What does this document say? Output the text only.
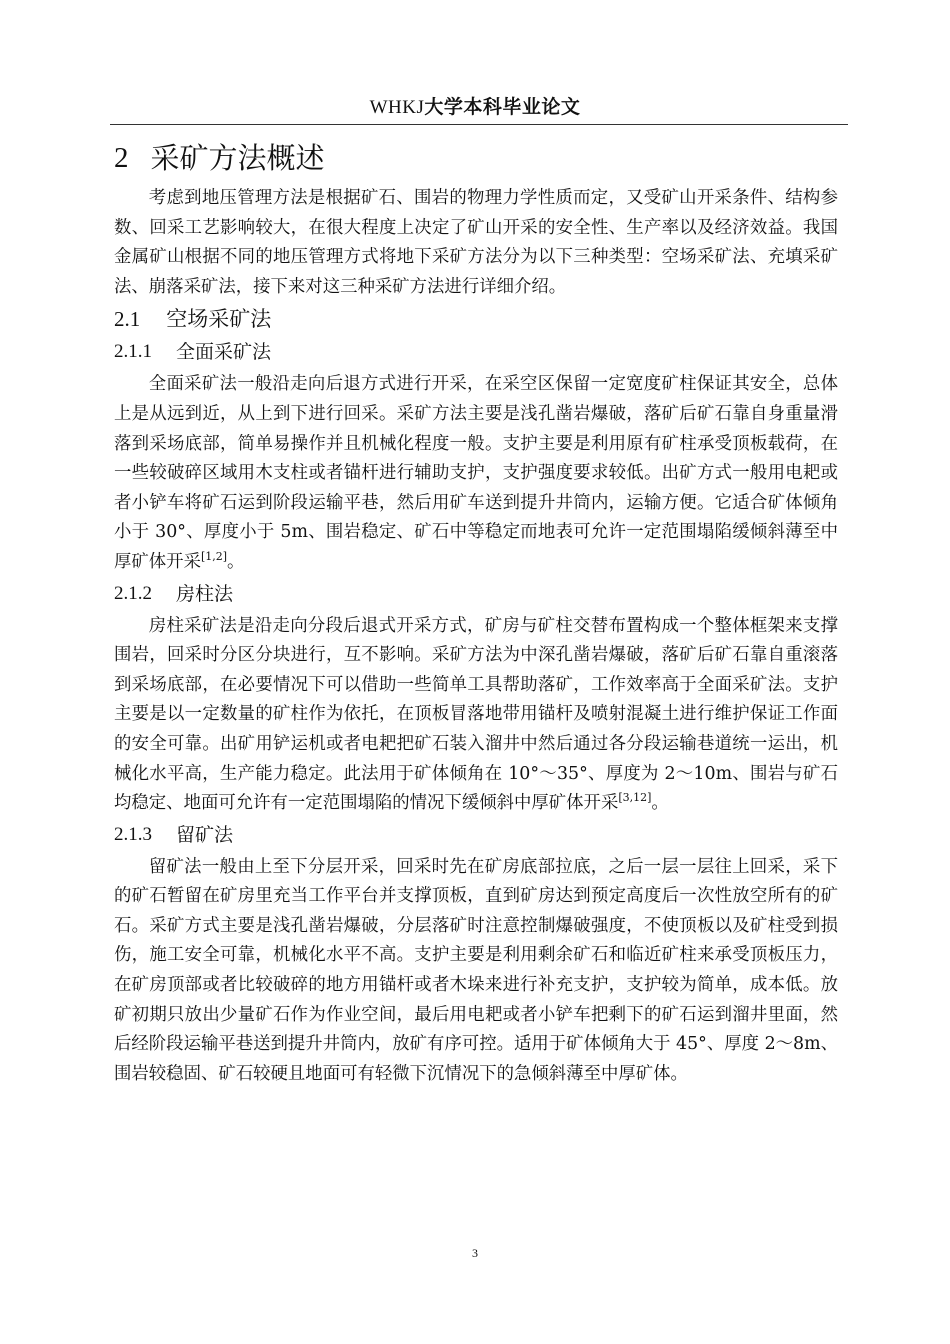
WHKJ大学本科毕业论文
2 采矿方法概述

考虑到地压管理方法是根据矿石、围岩的物理力学性质而定，又受矿山开采条件、结构参数、回采工艺影响较大，在很大程度上决定了矿山开采的安全性、生产率以及经济效益。我国金属矿山根据不同的地压管理方式将地下采矿方法分为以下三种类型：空场采矿法、充填采矿法、崩落采矿法，接下来对这三种采矿方法进行详细介绍。

2.1 空场采矿法
2.1.1 全面采矿法

全面采矿法一般沿走向后退方式进行开采，在采空区保留一定宽度矿柱保证其安全，总体上是从远到近，从上到下进行回采。采矿方法主要是浅孔凿岩爆破，落矿后矿石靠自身重量滑落到采场底部，简单易操作并且机械化程度一般。支护主要是利用原有矿柱承受顶板载荷，在一些较破碎区域用木支柱或者锚杆进行辅助支护，支护强度要求较低。出矿方式一般用电耙或者小铲车将矿石运到阶段运输平巷，然后用矿车送到提升井筒内，运输方便。它适合矿体倾角小于 30°、厚度小于 5m、围岩稳定、矿石中等稳定而地表可允许一定范围塌陷缓倾斜薄至中厚矿体开采[1,2]。

2.1.2 房柱法

房柱采矿法是沿走向分段后退式开采方式，矿房与矿柱交替布置构成一个整体框架来支撑围岩，回采时分区分块进行，互不影响。采矿方法为中深孔凿岩爆破，落矿后矿石靠自重滚落到采场底部，在必要情况下可以借助一些简单工具帮助落矿，工作效率高于全面采矿法。支护主要是以一定数量的矿柱作为依托，在顶板冒落地带用锚杆及喷射混凝土进行维护保证工作面的安全可靠。出矿用铲运机或者电耙把矿石装入溜井中然后通过各分段运输巷道统一运出，机械化水平高，生产能力稳定。此法用于矿体倾角在 10°～35°、厚度为 2～10m、围岩与矿石均稳定、地面可允许有一定范围塌陷的情况下缓倾斜中厚矿体开采[3,12]。

2.1.3 留矿法

留矿法一般由上至下分层开采，回采时先在矿房底部拉底，之后一层一层往上回采，采下的矿石暂留在矿房里充当工作平台并支撑顶板，直到矿房达到预定高度后一次性放空所有的矿石。采矿方式主要是浅孔凿岩爆破，分层落矿时注意控制爆破强度，不使顶板以及矿柱受到损伤，施工安全可靠，机械化水平不高。支护主要是利用剩余矿石和临近矿柱来承受顶板压力，在矿房顶部或者比较破碎的地方用锚杆或者木垛来进行补充支护，支护较为简单，成本低。放矿初期只放出少量矿石作为作业空间，最后用电耙或者小铲车把剩下的矿石运到溜井里面，然后经阶段运输平巷送到提升井筒内，放矿有序可控。适用于矿体倾角大于 45°、厚度 2～8m、围岩较稳固、矿石较硬且地面可有轻微下沉情况下的急倾斜薄至中厚矿体。

3
